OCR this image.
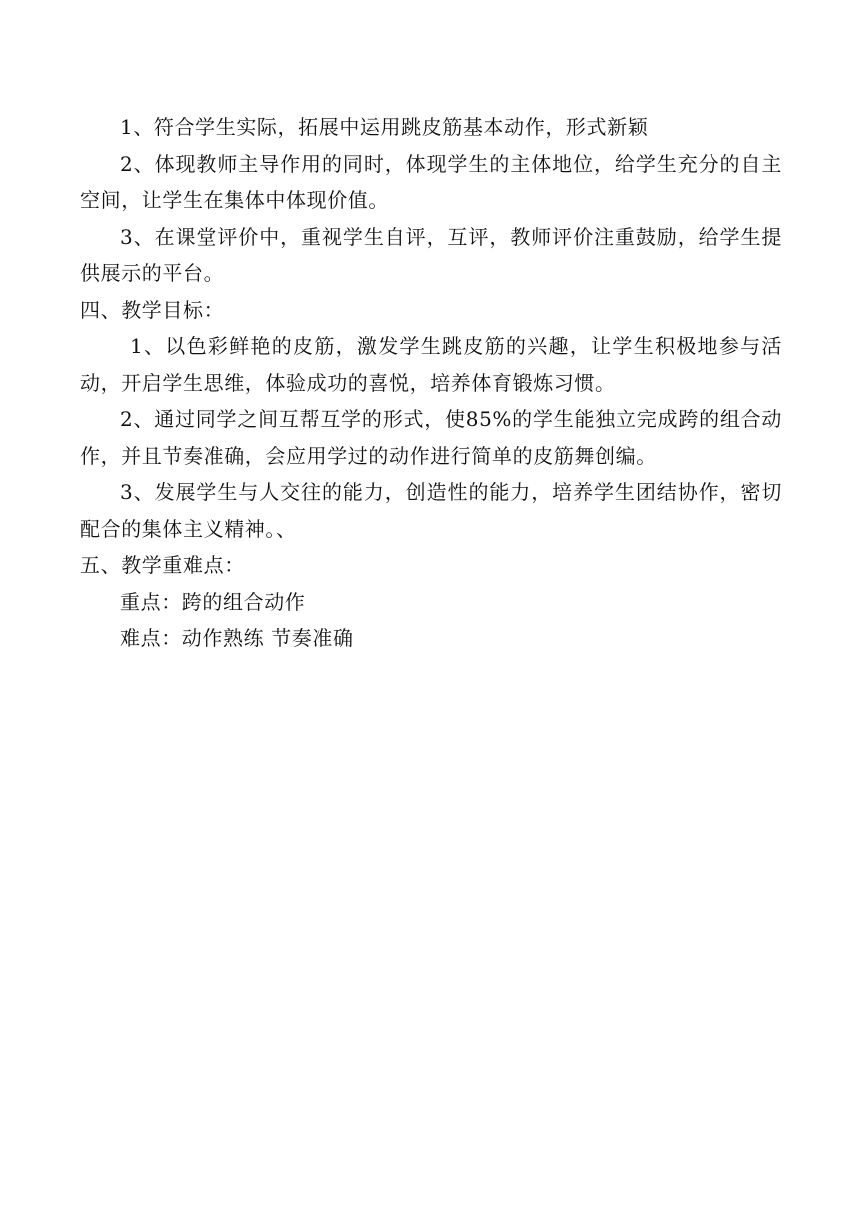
1、符合学生实际，拓展中运用跳皮筋基本动作，形式新颖

2、体现教师主导作用的同时，体现学生的主体地位，给学生充分的自主空间，让学生在集体中体现价值。

3、在课堂评价中，重视学生自评，互评，教师评价注重鼓励，给学生提供展示的平台。

四、教学目标：

1、以色彩鲜艳的皮筋，激发学生跳皮筋的兴趣，让学生积极地参与活动，开启学生思维，体验成功的喜悦，培养体育锻炼习惯。

2、通过同学之间互帮互学的形式，使85%的学生能独立完成跨的组合动作，并且节奏准确，会应用学过的动作进行简单的皮筋舞创编。

3、发展学生与人交往的能力，创造性的能力，培养学生团结协作，密切配合的集体主义精神。、

五、教学重难点：

重点：跨的组合动作

难点：动作熟练 节奏准确
